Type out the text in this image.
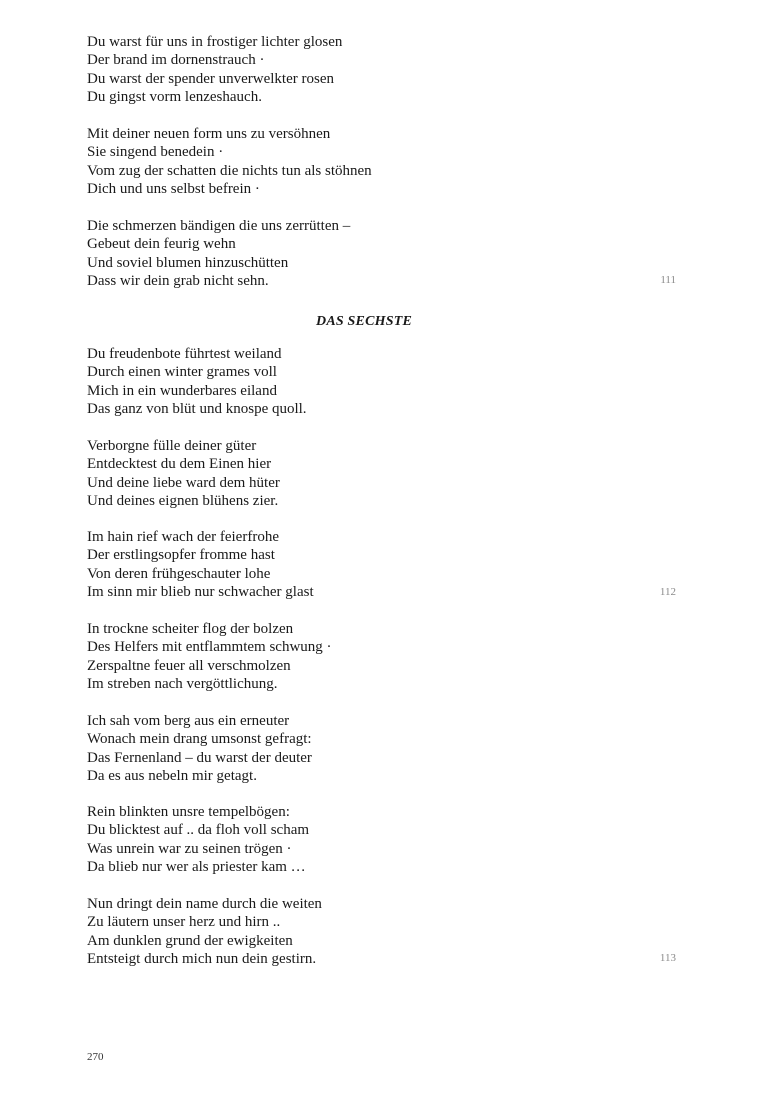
Du warst für uns in frostiger lichter glosen
Der brand im dornenstrauch ·
Du warst der spender unverwelkter rosen
Du gingst vorm lenzeshauch.
Mit deiner neuen form uns zu versöhnen
Sie singend benedein ·
Vom zug der schatten die nichts tun als stöhnen
Dich und uns selbst befrein ·
Die schmerzen bändigen die uns zerrütten –
Gebeut dein feurig wehn
Und soviel blumen hinzuschütten
Dass wir dein grab nicht sehn.	111
DAS SECHSTE
Du freudenbote führtest weiland
Durch einen winter grames voll
Mich in ein wunderbares eiland
Das ganz von blüt und knospe quoll.
Verborgne fülle deiner güter
Entdecktest du dem Einen hier
Und deine liebe ward dem hüter
Und deines eignen blühens zier.
Im hain rief wach der feierfrohe
Der erstlingsopfer fromme hast
Von deren frühgeschauter lohe
Im sinn mir blieb nur schwacher glast	112
In trockne scheiter flog der bolzen
Des Helfers mit entflammtem schwung ·
Zerspaltne feuer all verschmolzen
Im streben nach vergöttlichung.
Ich sah vom berg aus ein erneuter
Wonach mein drang umsonst gefragt:
Das Fernenland – du warst der deuter
Da es aus nebeln mir getagt.
Rein blinkten unsre tempelbögen:
Du blicktest auf .. da floh voll scham
Was unrein war zu seinen trögen ·
Da blieb nur wer als priester kam …
Nun dringt dein name durch die weiten
Zu läutern unser herz und hirn ..
Am dunklen grund der ewigkeiten
Entsteigt durch mich nun dein gestirn.	113
270
